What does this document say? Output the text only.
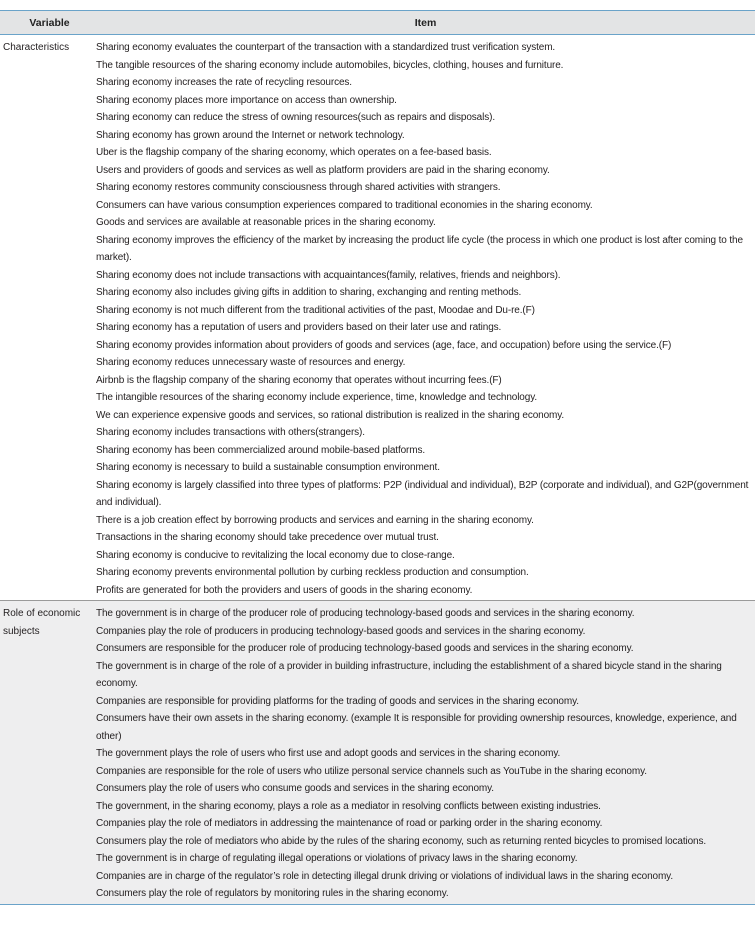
Variable	Item
Characteristics	Sharing economy evaluates the counterpart of the transaction with a standardized trust verification system.
The tangible resources of the sharing economy include automobiles, bicycles, clothing, houses and furniture.
Sharing economy increases the rate of recycling resources.
Sharing economy places more importance on access than ownership.
Sharing economy can reduce the stress of owning resources(such as repairs and disposals).
Sharing economy has grown around the Internet or network technology.
Uber is the flagship company of the sharing economy, which operates on a fee-based basis.
Users and providers of goods and services as well as platform providers are paid in the sharing economy.
Sharing economy restores community consciousness through shared activities with strangers.
Consumers can have various consumption experiences compared to traditional economies in the sharing economy.
Goods and services are available at reasonable prices in the sharing economy.
Sharing economy improves the efficiency of the market by increasing the product life cycle (the process in which one product is lost after coming to the market).
Sharing economy does not include transactions with acquaintances(family, relatives, friends and neighbors).
Sharing economy also includes giving gifts in addition to sharing, exchanging and renting methods.
Sharing economy is not much different from the traditional activities of the past, Moodae and Du-re.(F)
Sharing economy has a reputation of users and providers based on their later use and ratings.
Sharing economy provides information about providers of goods and services (age, face, and occupation) before using the service.(F)
Sharing economy reduces unnecessary waste of resources and energy.
Airbnb is the flagship company of the sharing economy that operates without incurring fees.(F)
The intangible resources of the sharing economy include experience, time, knowledge and technology.
We can experience expensive goods and services, so rational distribution is realized in the sharing economy.
Sharing economy includes transactions with others(strangers).
Sharing economy has been commercialized around mobile-based platforms.
Sharing economy is necessary to build a sustainable consumption environment.
Sharing economy is largely classified into three types of platforms: P2P (individual and individual), B2P (corporate and individual), and G2P(government and individual).
There is a job creation effect by borrowing products and services and earning in the sharing economy.
Transactions in the sharing economy should take precedence over mutual trust.
Sharing economy is conducive to revitalizing the local economy due to close-range.
Sharing economy prevents environmental pollution by curbing reckless production and consumption.
Profits are generated for both the providers and users of goods in the sharing economy.
Role of economic subjects
The government is in charge of the producer role of producing technology-based goods and services in the sharing economy.
Companies play the role of producers in producing technology-based goods and services in the sharing economy.
Consumers are responsible for the producer role of producing technology-based goods and services in the sharing economy.
The government is in charge of the role of a provider in building infrastructure, including the establishment of a shared bicycle stand in the sharing economy.
Companies are responsible for providing platforms for the trading of goods and services in the sharing economy.
Consumers have their own assets in the sharing economy. (example It is responsible for providing ownership resources, knowledge, experience, and other)
The government plays the role of users who first use and adopt goods and services in the sharing economy.
Companies are responsible for the role of users who utilize personal service channels such as YouTube in the sharing economy.
Consumers play the role of users who consume goods and services in the sharing economy.
The government, in the sharing economy, plays a role as a mediator in resolving conflicts between existing industries.
Companies play the role of mediators in addressing the maintenance of road or parking order in the sharing economy.
Consumers play the role of mediators who abide by the rules of the sharing economy, such as returning rented bicycles to promised locations.
The government is in charge of regulating illegal operations or violations of privacy laws in the sharing economy.
Companies are in charge of the regulator’s role in detecting illegal drunk driving or violations of individual laws in the sharing economy.
Consumers play the role of regulators by monitoring rules in the sharing economy.
